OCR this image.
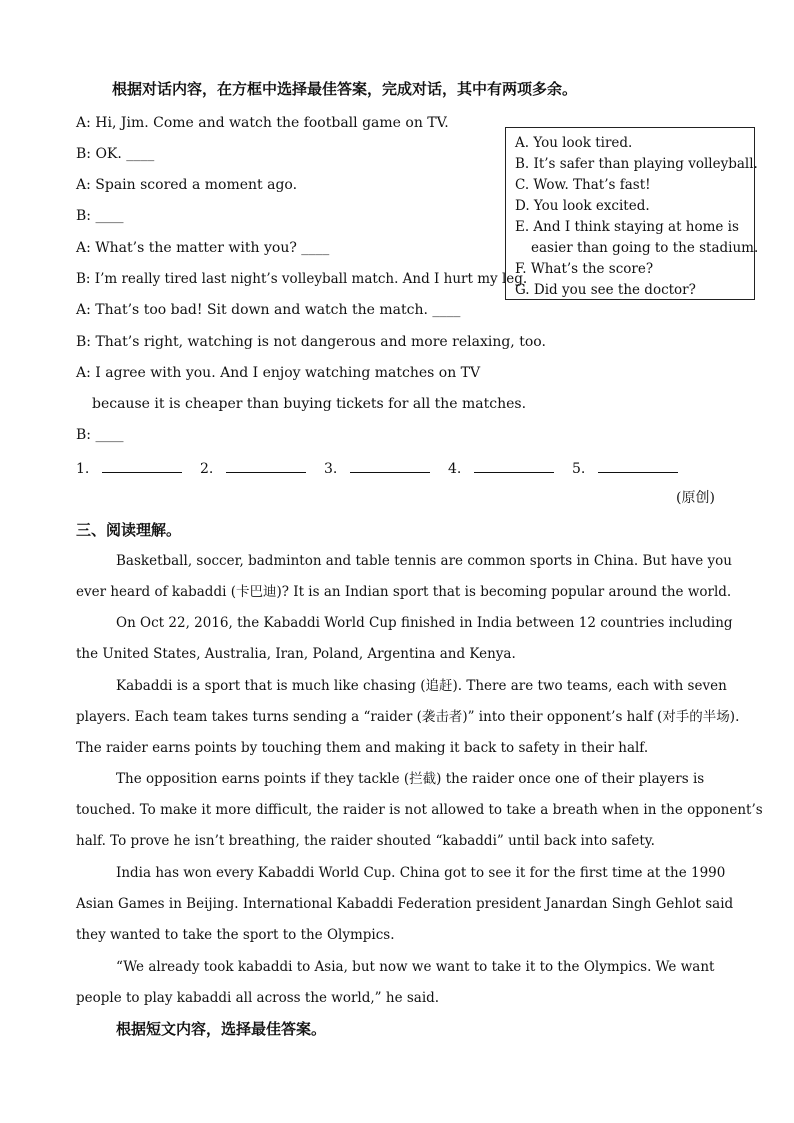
根据对话内容，在方框中选择最佳答案，完成对话，其中有两项多余。
A: Hi, Jim. Come and watch the football game on TV.
B: OK. ____
A: Spain scored a moment ago.
B: ____
A: What’s the matter with you? ____
B: I’m really tired last night’s volleyball match. And I hurt my leg.
A: That’s too bad! Sit down and watch the match. ____
B: That’s right, watching is not dangerous and more relaxing, too.
A: I agree with you. And I enjoy watching matches on TV
because it is cheaper than buying tickets for all the matches.
B: ____
A. You look tired.
B. It’s safer than playing volleyball.
C. Wow. That’s fast!
D. You look excited.
E. And I think staying at home is
easier than going to the stadium.
F. What’s the score?
G. Did you see the doctor?
1.	2.	3.	4.	5.
(原创)
三、阅读理解。
Basketball, soccer, badminton and table tennis are common sports in China. But have you
ever heard of kabaddi (卡巴迪)? It is an Indian sport that is becoming popular around the world.
On Oct 22, 2016, the Kabaddi World Cup finished in India between 12 countries including
the United States, Australia, Iran, Poland, Argentina and Kenya.
Kabaddi is a sport that is much like chasing (追赶). There are two teams, each with seven
players. Each team takes turns sending a “raider (袭击者)” into their opponent’s half (对手的半场).
The raider earns points by touching them and making it back to safety in their half.
The opposition earns points if they tackle (拦截) the raider once one of their players is
touched. To make it more difficult, the raider is not allowed to take a breath when in the opponent’s
half. To prove he isn’t breathing, the raider shouted “kabaddi” until back into safety.
India has won every Kabaddi World Cup. China got to see it for the first time at the 1990
Asian Games in Beijing. International Kabaddi Federation president Janardan Singh Gehlot said
they wanted to take the sport to the Olympics.
“We already took kabaddi to Asia, but now we want to take it to the Olympics. We want
people to play kabaddi all across the world,” he said.
根据短文内容，选择最佳答案。
